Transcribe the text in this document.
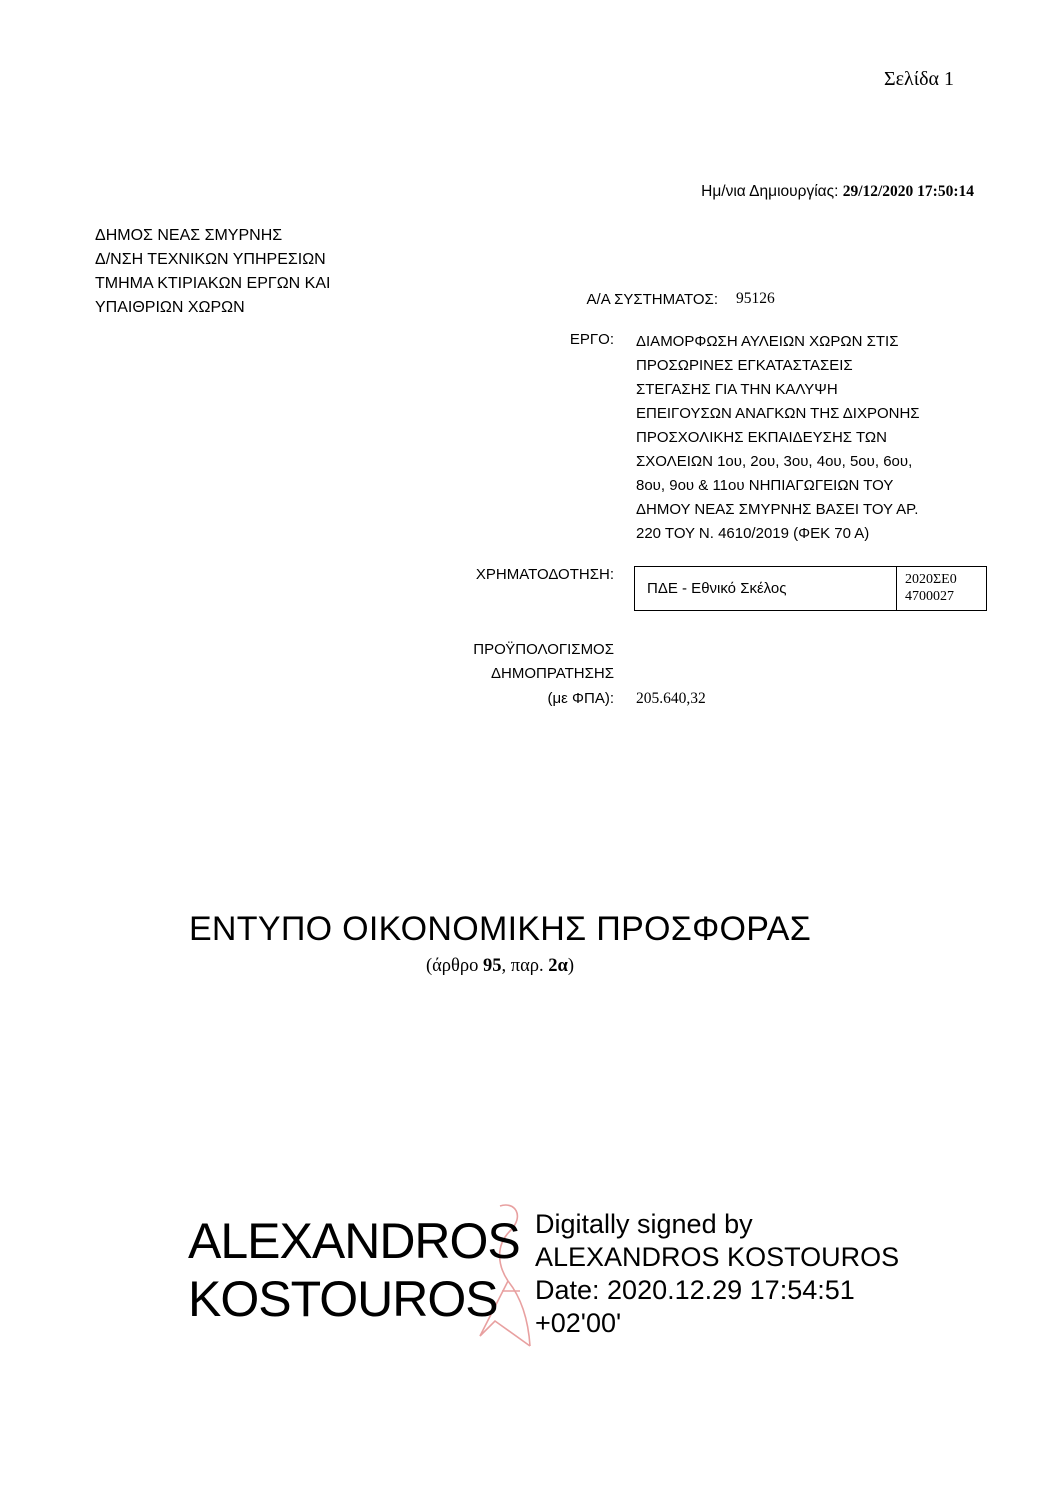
Σελίδα 1
Ημ/νια Δημιουργίας: 29/12/2020 17:50:14
ΔΗΜΟΣ ΝΕΑΣ ΣΜΥΡΝΗΣ
Δ/ΝΣΗ ΤΕΧΝΙΚΩΝ ΥΠΗΡΕΣΙΩΝ
ΤΜΗΜΑ ΚΤΙΡΙΑΚΩΝ ΕΡΓΩΝ ΚΑΙ
ΥΠΑΙΘΡΙΩΝ ΧΩΡΩΝ	Α/Α ΣΥΣΤΗΜΑΤΟΣ: 95126
ΕΡΓΟ: ΔΙΑΜΟΡΦΩΣΗ ΑΥΛΕΙΩΝ ΧΩΡΩΝ ΣΤΙΣ
ΠΡΟΣΩΡΙΝΕΣ ΕΓΚΑΤΑΣΤΑΣΕΙΣ
ΣΤΕΓΑΣΗΣ ΓΙΑ ΤΗΝ ΚΑΛΥΨΗ
ΕΠΕΙΓΟΥΣΩΝ ΑΝΑΓΚΩΝ ΤΗΣ ΔΙΧΡΟΝΗΣ
ΠΡΟΣΧΟΛΙΚΗΣ ΕΚΠΑΙΔΕΥΣΗΣ ΤΩΝ
ΣΧΟΛΕΙΩΝ 1ου, 2ου, 3ου, 4ου, 5ου, 6ου,
8ου, 9ου & 11ου ΝΗΠΙΑΓΩΓΕΙΩΝ ΤΟΥ
ΔΗΜΟΥ ΝΕΑΣ ΣΜΥΡΝΗΣ ΒΑΣΕΙ ΤΟΥ ΑΡ.
220 ΤΟΥ Ν. 4610/2019 (ΦΕΚ 70 Α)
ΧΡΗΜΑΤΟΔΟΤΗΣΗ:
ΠΔΕ - Εθνικό Σκέλος
2020ΣΕ0
4700027
ΠΡΟΫΠΟΛΟΓΙΣΜΟΣ
ΔΗΜΟΠΡΑΤΗΣΗΣ
(με ΦΠΑ): 205.640,32
ΕΝΤΥΠΟ ΟΙΚΟΝΟΜΙΚΗΣ ΠΡΟΣΦΟΡΑΣ
(άρθρο 95, παρ. 2α)
ALEXANDROS
KOSTOUROS
Digitally signed by
ALEXANDROS KOSTOUROS
Date: 2020.12.29 17:54:51
+02'00'
